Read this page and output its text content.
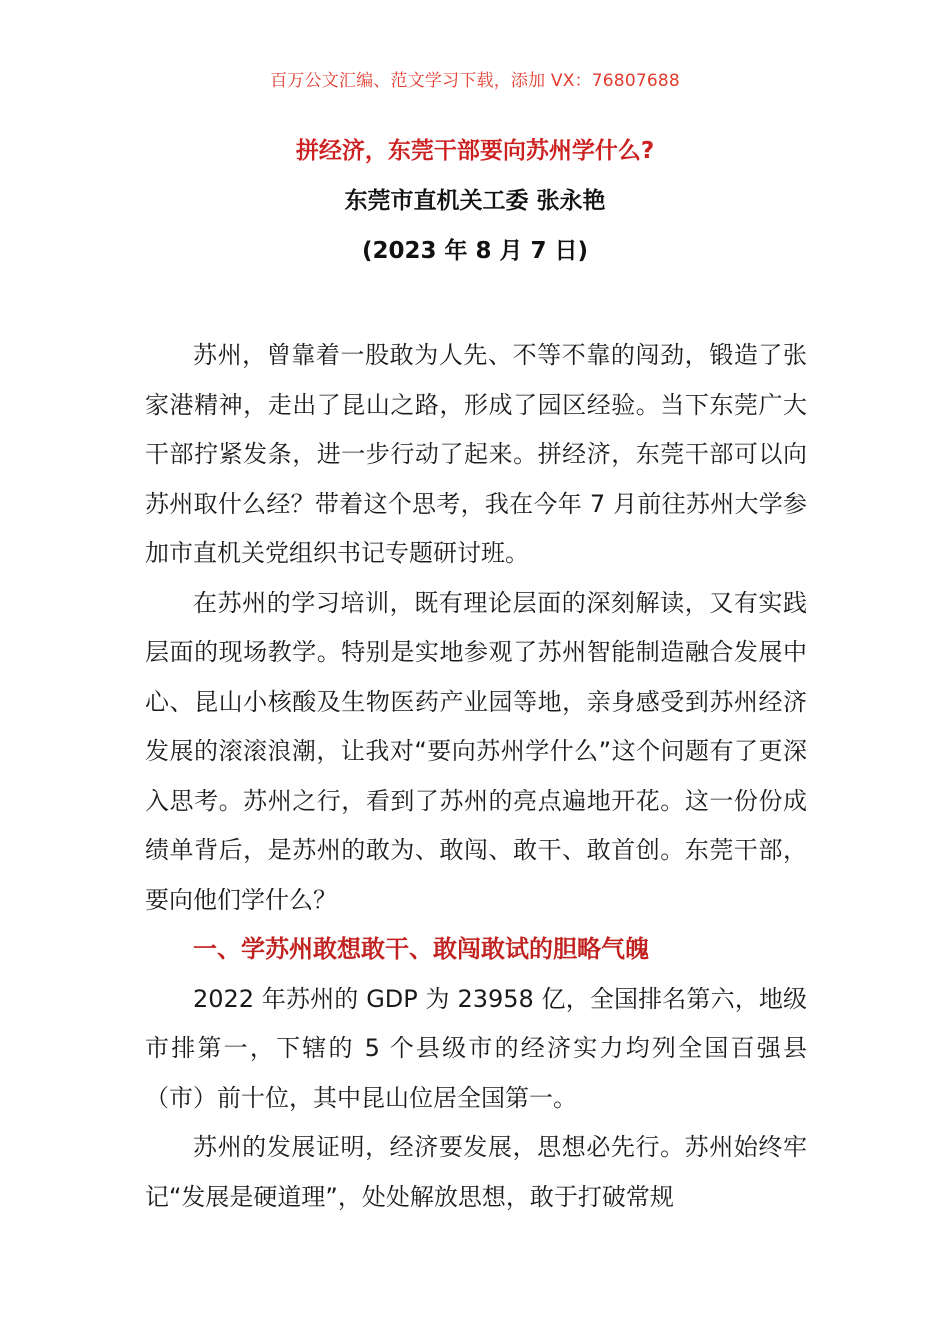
百万公文汇编、范文学习下载，添加 VX：76807688
拼经济，东莞干部要向苏州学什么?
东莞市直机关工委 张永艳
(2023 年 8 月 7 日)

苏州，曾靠着一股敢为人先、不等不靠的闯劲，锻造了张家港精神，走出了昆山之路，形成了园区经验。当下东莞广大干部拧紧发条，进一步行动了起来。拼经济，东莞干部可以向苏州取什么经？带着这个思考，我在今年 7 月前往苏州大学参加市直机关党组织书记专题研讨班。

在苏州的学习培训，既有理论层面的深刻解读，又有实践层面的现场教学。特别是实地参观了苏州智能制造融合发展中心、昆山小核酸及生物医药产业园等地，亲身感受到苏州经济发展的滚滚浪潮，让我对“要向苏州学什么”这个问题有了更深入思考。苏州之行，看到了苏州的亮点遍地开花。这一份份成绩单背后，是苏州的敢为、敢闯、敢干、敢首创。东莞干部，要向他们学什么？

一、学苏州敢想敢干、敢闯敢试的胆略气魄

2022 年苏州的 GDP 为 23958 亿，全国排名第六，地级市排第一，下辖的 5 个县级市的经济实力均列全国百强县（市）前十位，其中昆山位居全国第一。

苏州的发展证明，经济要发展，思想必先行。苏州始终牢记“发展是硬道理”，处处解放思想，敢于打破常规
